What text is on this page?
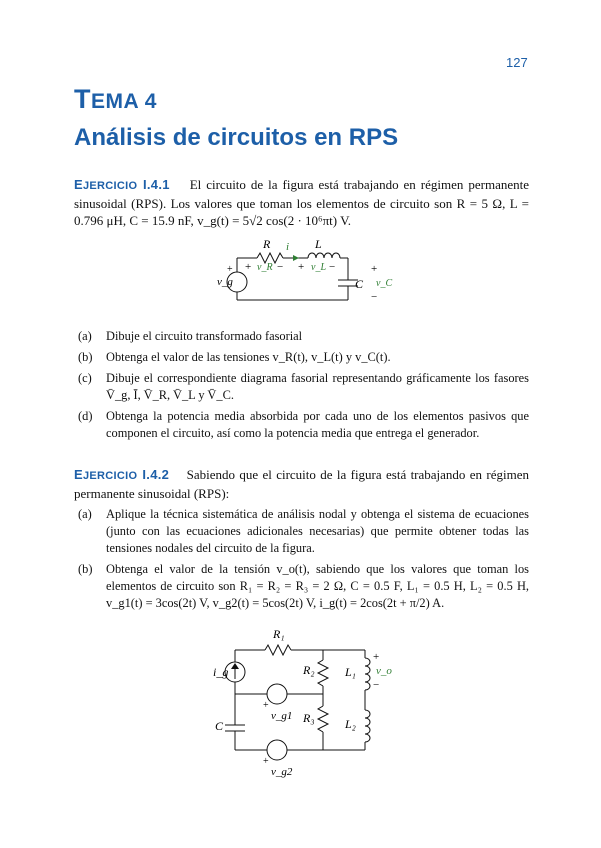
127
TEMA 4
Análisis de circuitos en RPS
EJERCICIO I.4.1 El circuito de la figura está trabajando en régimen permanente sinusoidal (RPS). Los valores que toman los elementos de circuito son R = 5 Ω, L = 0.796 μH, C = 15.9 nF, v_g(t) = 5√2 cos(2 · 10⁶πt) V.
R i L
+ v_R − + v_L −
C
+
v_C
−
+
v_g
(a) Dibuje el circuito transformado fasorial
(b) Obtenga el valor de las tensiones v_R(t), v_L(t) y v_C(t).
(c) Dibuje el correspondiente diagrama fasorial representando gráficamente los fasores V̄_g, Ī, V̄_R, V̄_L y V̄_C.
(d) Obtenga la potencia media absorbida por cada uno de los elementos pasivos que componen el circuito, así como la potencia media que entrega el generador.
EJERCICIO I.4.2 Sabiendo que el circuito de la figura está trabajando en régimen permanente sinusoidal (RPS):
(a) Aplique la técnica sistemática de análisis nodal y obtenga el sistema de ecuaciones (junto con las ecuaciones adicionales necesarias) que permite obtener todas las tensiones nodales del circuito de la figura.
(b) Obtenga el valor de la tensión v_o(t), sabiendo que los valores que toman los elementos de circuito son R₁ = R₂ = R₃ = 2 Ω, C = 0.5 F, L₁ = 0.5 H, L₂ = 0.5 H, v_g1(t) = 3cos(2t) V, v_g2(t) = 5cos(2t) V, i_g(t) = 2cos(2t + π/2) A.
R₁
R₂
R₃
L₁
L₂
+
v_o
−
i_g
C
+
v_g1
+
v_g2
